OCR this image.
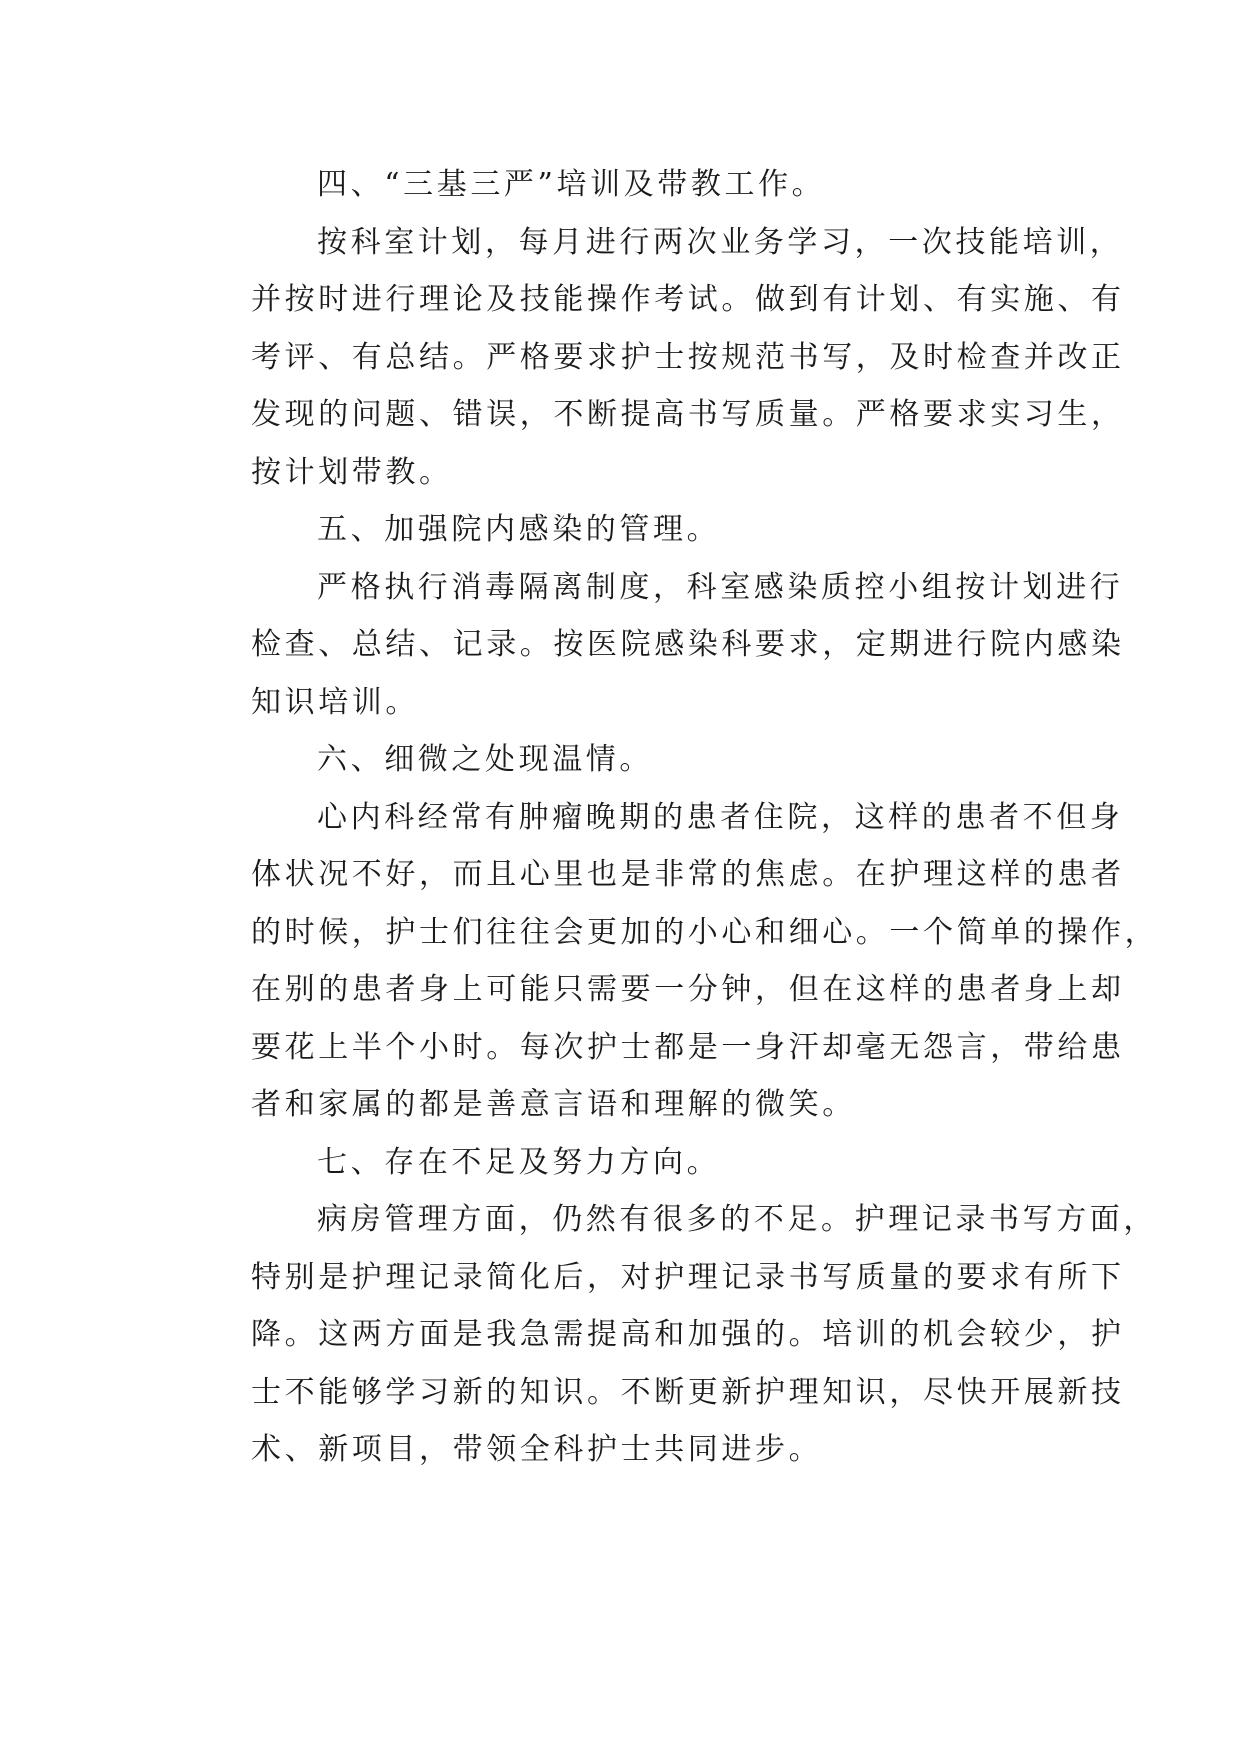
四、“三基三严”培训及带教工作。
按科室计划，每月进行两次业务学习，一次技能培训，
并按时进行理论及技能操作考试。做到有计划、有实施、有
考评、有总结。严格要求护士按规范书写，及时检查并改正
发现的问题、错误，不断提高书写质量。严格要求实习生，
按计划带教。
五、加强院内感染的管理。
严格执行消毒隔离制度，科室感染质控小组按计划进行
检查、总结、记录。按医院感染科要求，定期进行院内感染
知识培训。
六、细微之处现温情。
心内科经常有肿瘤晚期的患者住院，这样的患者不但身
体状况不好，而且心里也是非常的焦虑。在护理这样的患者
的时候，护士们往往会更加的小心和细心。一个简单的操作，
在别的患者身上可能只需要一分钟，但在这样的患者身上却
要花上半个小时。每次护士都是一身汗却毫无怨言，带给患
者和家属的都是善意言语和理解的微笑。
七、存在不足及努力方向。
病房管理方面，仍然有很多的不足。护理记录书写方面，
特别是护理记录简化后，对护理记录书写质量的要求有所下
降。这两方面是我急需提高和加强的。培训的机会较少，护
士不能够学习新的知识。不断更新护理知识，尽快开展新技
术、新项目，带领全科护士共同进步。
